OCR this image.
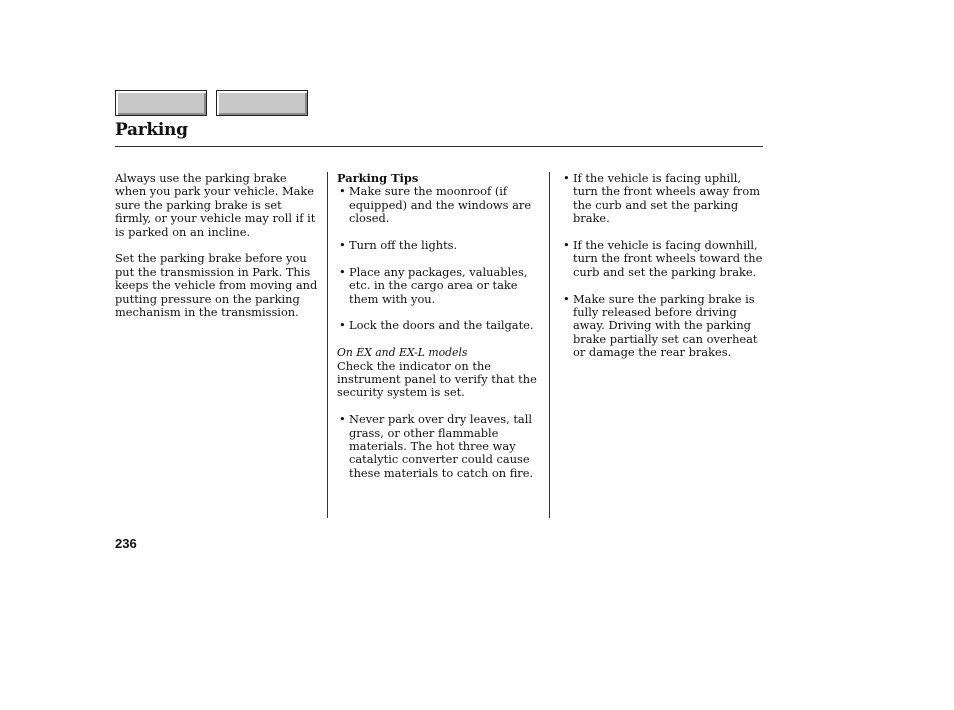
Parking

Always use the parking brake when you park your vehicle. Make sure the parking brake is set firmly, or your vehicle may roll if it is parked on an incline.

Set the parking brake before you put the transmission in Park. This keeps the vehicle from moving and putting pressure on the parking mechanism in the transmission.

Parking Tips

• Make sure the moonroof (if equipped) and the windows are closed.
• Turn off the lights.
• Place any packages, valuables, etc. in the cargo area or take them with you.
• Lock the doors and the tailgate.

On EX and EX-L models

Check the indicator on the instrument panel to verify that the security system is set.

• Never park over dry leaves, tall grass, or other flammable materials. The hot three way catalytic converter could cause these materials to catch on fire.
• If the vehicle is facing uphill, turn the front wheels away from the curb and set the parking brake.
• If the vehicle is facing downhill, turn the front wheels toward the curb and set the parking brake.
• Make sure the parking brake is fully released before driving away. Driving with the parking brake partially set can overheat or damage the rear brakes.

236
